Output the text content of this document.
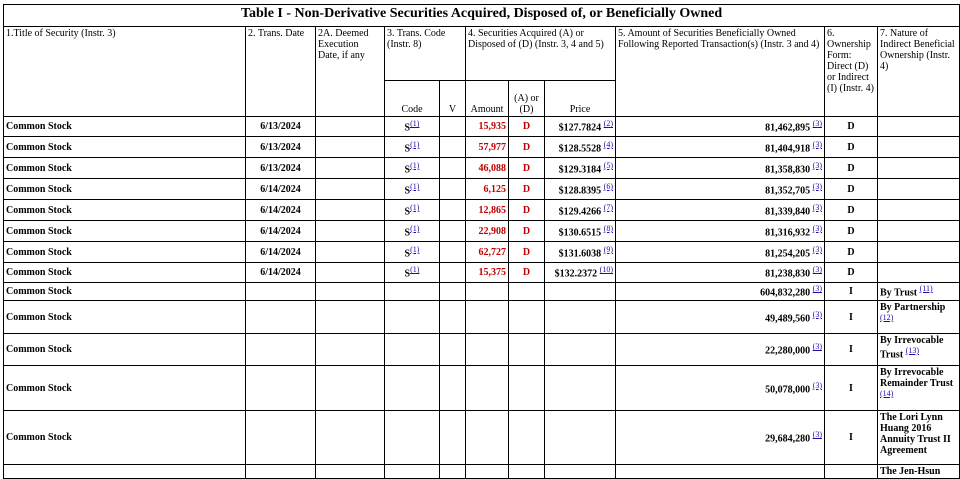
Table I - Non-Derivative Securities Acquired, Disposed of, or Beneficially Owned										
1.Title of Security (Instr. 3)	2. Trans. Date	2A. Deemed Execution Date, if any	3. Trans. Code (Instr. 8)		4. Securities Acquired (A) or Disposed of (D) (Instr. 3, 4 and 5)			5. Amount of Securities Beneficially Owned Following Reported Transaction(s) (Instr. 3 and 4)	6. Ownership Form: Direct (D) or Indirect (I) (Instr. 4)	7. Nature of Indirect Beneficial Ownership (Instr. 4)
			Code	V	Amount	(A) or (D)	Price			
Common Stock	6/13/2024		S$^{(1)}$		15,935	D	$127.7824 $^{(2)}$	81,462,895 $^{(3)}$	D	
Common Stock	6/13/2024		S$^{(1)}$		57,977	D	$128.5528 $^{(4)}$	81,404,918 $^{(3)}$	D	
Common Stock	6/13/2024		S$^{(1)}$		46,088	D	$129.3184 $^{(5)}$	81,358,830 $^{(3)}$	D	
Common Stock	6/14/2024		S$^{(1)}$		6,125	D	$128.8395 $^{(6)}$	81,352,705 $^{(3)}$	D	
Common Stock	6/14/2024		S$^{(1)}$		12,865	D	$129.4266 $^{(7)}$	81,339,840 $^{(3)}$	D	
Common Stock	6/14/2024		S$^{(1)}$		22,908	D	$130.6515 $^{(8)}$	81,316,932 $^{(3)}$	D	
Common Stock	6/14/2024		S$^{(1)}$		62,727	D	$131.6038 $^{(9)}$	81,254,205 $^{(3)}$	D	
Common Stock	6/14/2024		S$^{(1)}$		15,375	D	$132.2372 $^{(10)}$	81,238,830 $^{(3)}$	D	
Common Stock								604,832,280 $^{(3)}$	I	By Trust $^{(11)}$
Common Stock								49,489,560 $^{(3)}$	I	By Partnership $^{(12)}$
Common Stock								22,280,000 $^{(3)}$	I	By Irrevocable Trust $^{(13)}$
Common Stock								50,078,000 $^{(3)}$	I	By Irrevocable Remainder Trust $^{(14)}$
Common Stock								29,684,280 $^{(3)}$	I	The Lori Lynn Huang 2016 Annuity Trust II Agreement
										The Jen-Hsun
